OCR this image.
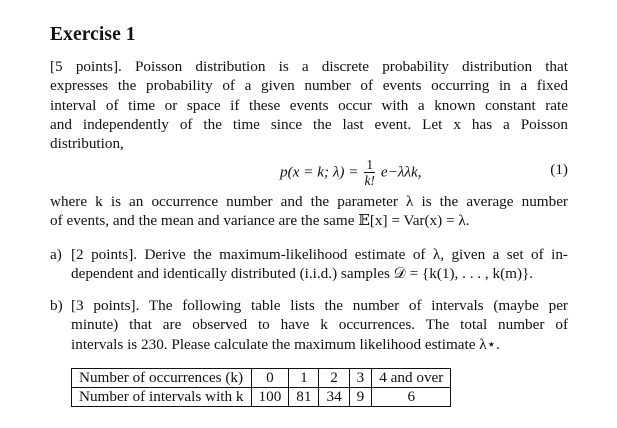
Exercise 1
[5 points]. Poisson distribution is a discrete probability distribution that
expresses the probability of a given number of events occurring in a fixed
interval of time or space if these events occur with a known constant rate
and independently of the time since the last event. Let x has a Poisson
distribution,
p(x = k; $\lambda) = \frac{1}{k!} e-\lambda\lambda k$,	(1)
where k is an occurrence number and the parameter λ is the average number
of events, and the mean and variance are the same 𝔼[x] = Var(x) = λ.
a) [2 points]. Derive the maximum-likelihood estimate of λ, given a set of in-
dependent and identically distributed (i.i.d.) samples 𝒟 = {k(1), . . . , k(m)}.
b) [3 points]. The following table lists the number of intervals (maybe per
minute) that are observed to have k occurrences. The total number of
intervals is 230. Please calculate the maximum likelihood estimate λ⋆.
Number of occurrences (k)	0	1	2	3	4 and over
Number of intervals with k	100	81	34	9	6
